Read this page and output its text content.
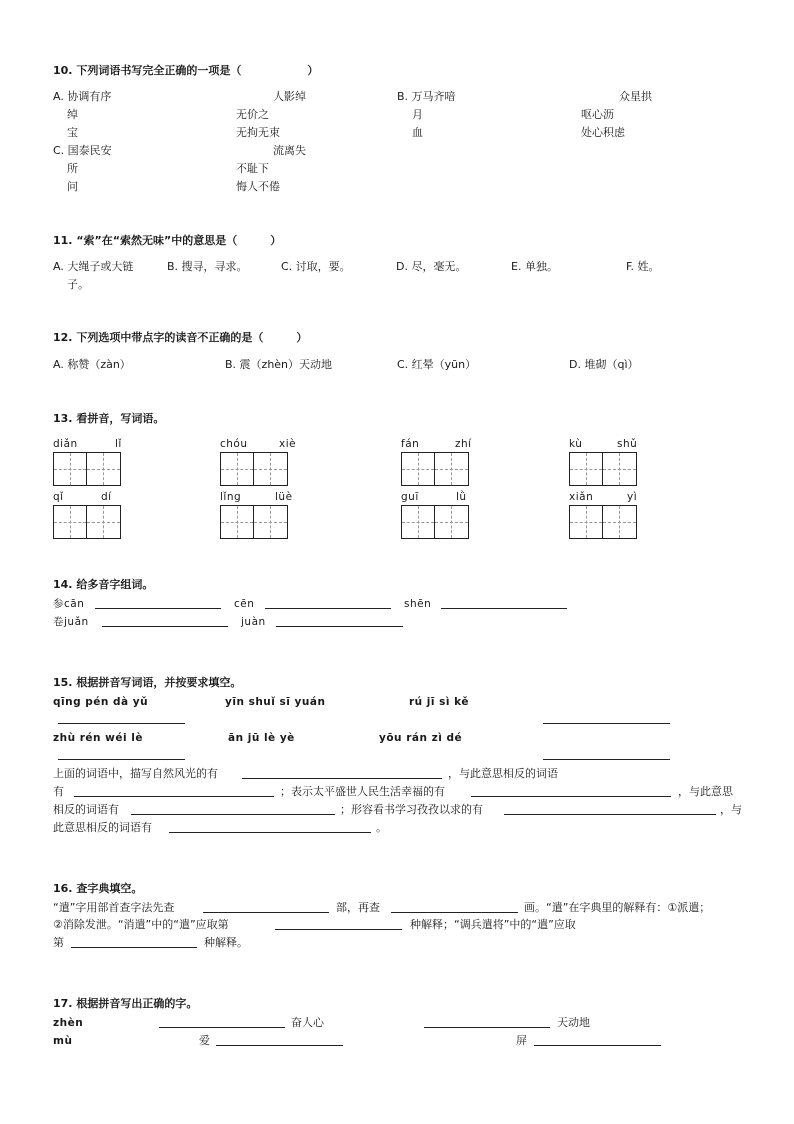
10. 下列词语书写完全正确的一项是（　　　　　　）
A. 协调有序	人影绰	B. 万马齐喑	众星拱
绰	无价之	月	呕心沥
宝	无拘无束	血	处心积虑
C. 国泰民安	流离失
所	不耻下
问	悔人不倦
11. “索”在“索然无味”中的意思是（　　　）
A. 大绳子或大链	B. 搜寻，寻求。	C. 讨取，要。	D. 尽，毫无。	E. 单独。	F. 姓。
子。
12. 下列选项中带点字的读音不正确的是（　　　）
A. 称赞（zàn）	B. 震（zhèn）天动地	C. 红晕（yūn）	D. 堆砌（qì）
13. 看拼音，写词语。
diǎn	lǐ	chóu	xiè	fán	zhí	kù	shǔ
qǐ	dí	lǐng	lüè	guī	lǜ	xiǎn	yì
14. 给多音字组词。
参cān	cēn	shēn
卷juǎn	juàn
15. 根据拼音写词语，并按要求填空。
qīng pén dà yǔ	yīn shuǐ sī yuán	rú jī sì kě
zhù rén wéi lè	ān jū lè yè	yōu rán zì dé
上面的词语中，描写自然风光的有	，与此意思相反的词语
有	；表示太平盛世人民生活幸福的有	，与此意思
相反的词语有	；形容看书学习孜孜以求的有	，与
此意思相反的词语有	。
16. 查字典填空。
“遣”字用部首查字法先查	部，再查	画。“遣”在字典里的解释有：①派遣；
②消除发泄。“消遣”中的“遣”应取第	种解释；“调兵遣将”中的“遣”应取
第	种解释。
17. 根据拼音写出正确的字。
zhèn	奋人心	天动地
mù	爱	屏
